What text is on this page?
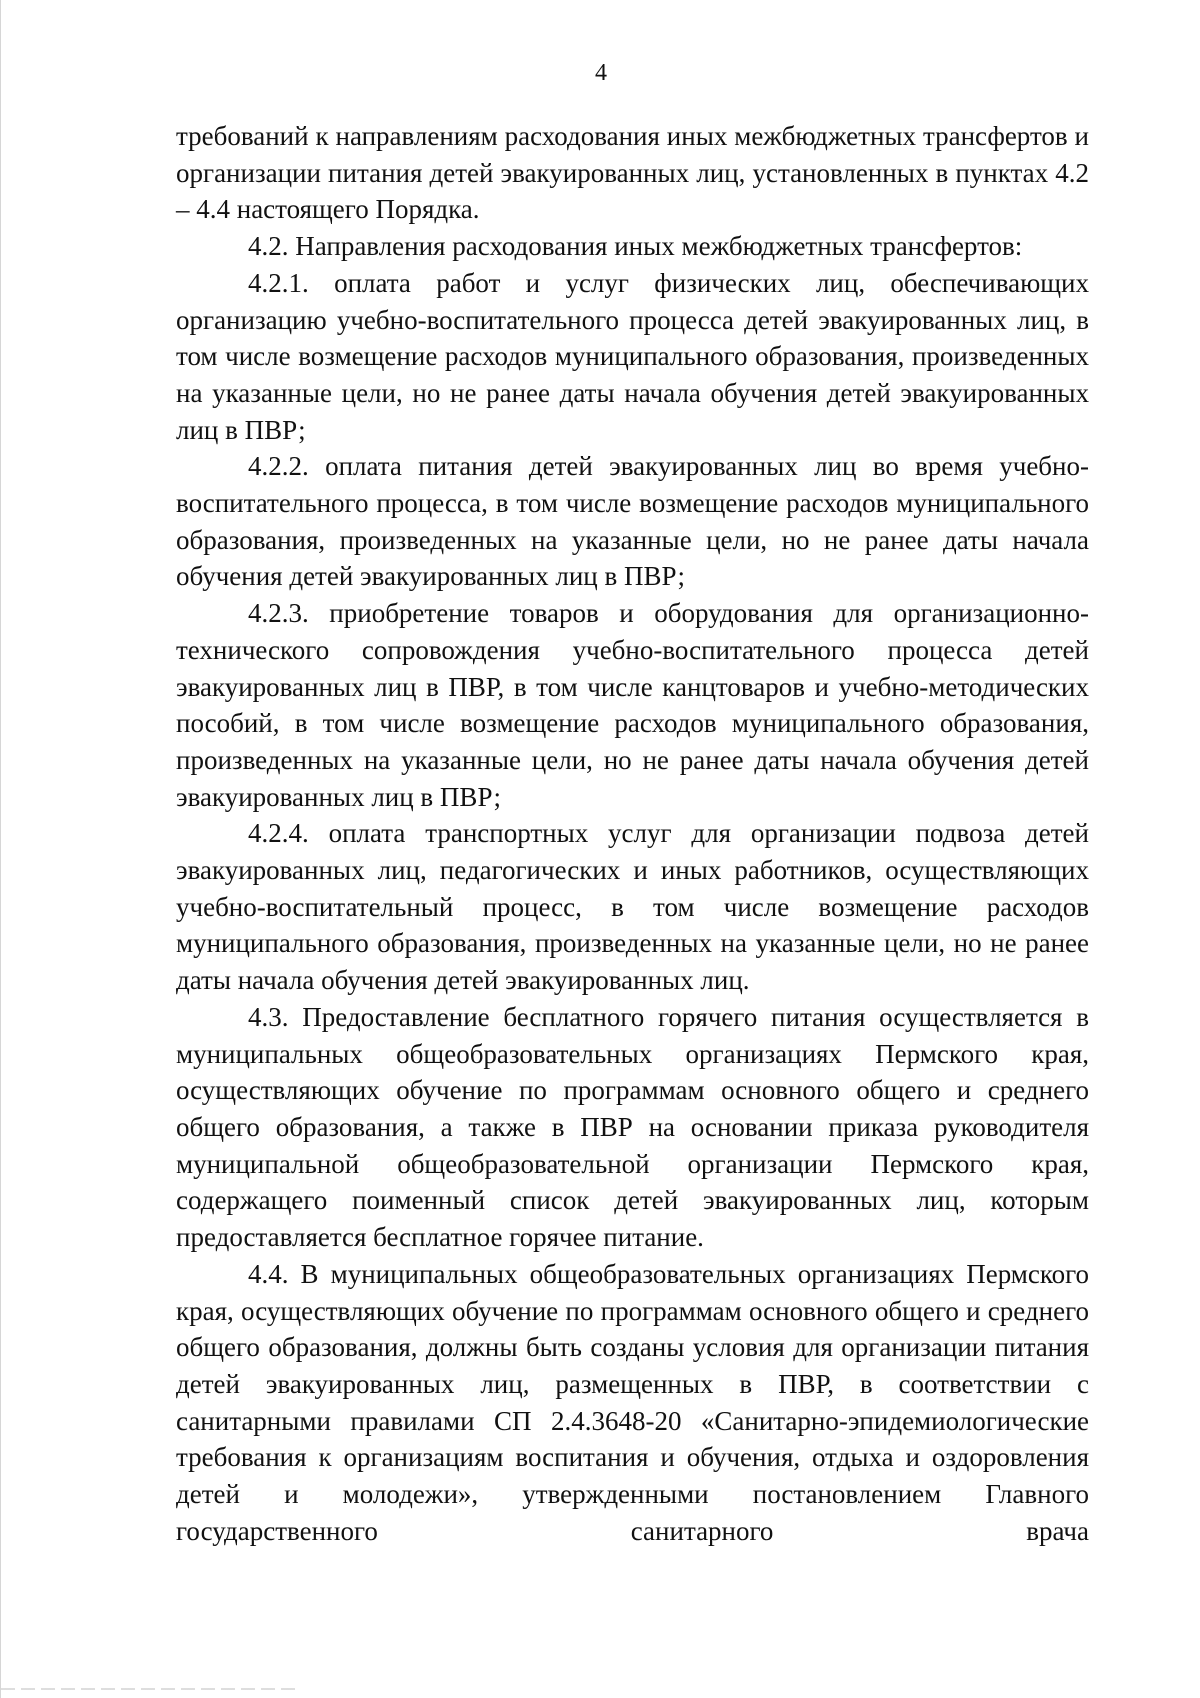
4

требований к направлениям расходования иных межбюджетных трансфертов и организации питания детей эвакуированных лиц, установленных в пунктах 4.2 – 4.4 настоящего Порядка.

4.2. Направления расходования иных межбюджетных трансфертов:

4.2.1. оплата работ и услуг физических лиц, обеспечивающих организацию учебно-воспитательного процесса детей эвакуированных лиц, в том числе возмещение расходов муниципального образования, произведенных на указанные цели, но не ранее даты начала обучения детей эвакуированных лиц в ПВР;

4.2.2. оплата питания детей эвакуированных лиц во время учебно-воспитательного процесса, в том числе возмещение расходов муниципального образования, произведенных на указанные цели, но не ранее даты начала обучения детей эвакуированных лиц в ПВР;

4.2.3. приобретение товаров и оборудования для организационно-технического сопровождения учебно-воспитательного процесса детей эвакуированных лиц в ПВР, в том числе канцтоваров и учебно-методических пособий, в том числе возмещение расходов муниципального образования, произведенных на указанные цели, но не ранее даты начала обучения детей эвакуированных лиц в ПВР;

4.2.4. оплата транспортных услуг для организации подвоза детей эвакуированных лиц, педагогических и иных работников, осуществляющих учебно-воспитательный процесс, в том числе возмещение расходов муниципального образования, произведенных на указанные цели, но не ранее даты начала обучения детей эвакуированных лиц.

4.3. Предоставление бесплатного горячего питания осуществляется в муниципальных общеобразовательных организациях Пермского края, осуществляющих обучение по программам основного общего и среднего общего образования, а также в ПВР на основании приказа руководителя муниципальной общеобразовательной организации Пермского края, содержащего поименный список детей эвакуированных лиц, которым предоставляется бесплатное горячее питание.

4.4. В муниципальных общеобразовательных организациях Пермского края, осуществляющих обучение по программам основного общего и среднего общего образования, должны быть созданы условия для организации питания детей эвакуированных лиц, размещенных в ПВР, в соответствии с санитарными правилами СП 2.4.3648-20 «Санитарно-эпидемиологические требования к организациям воспитания и обучения, отдыха и оздоровления детей и молодежи», утвержденными постановлением Главного государственного санитарного врача
